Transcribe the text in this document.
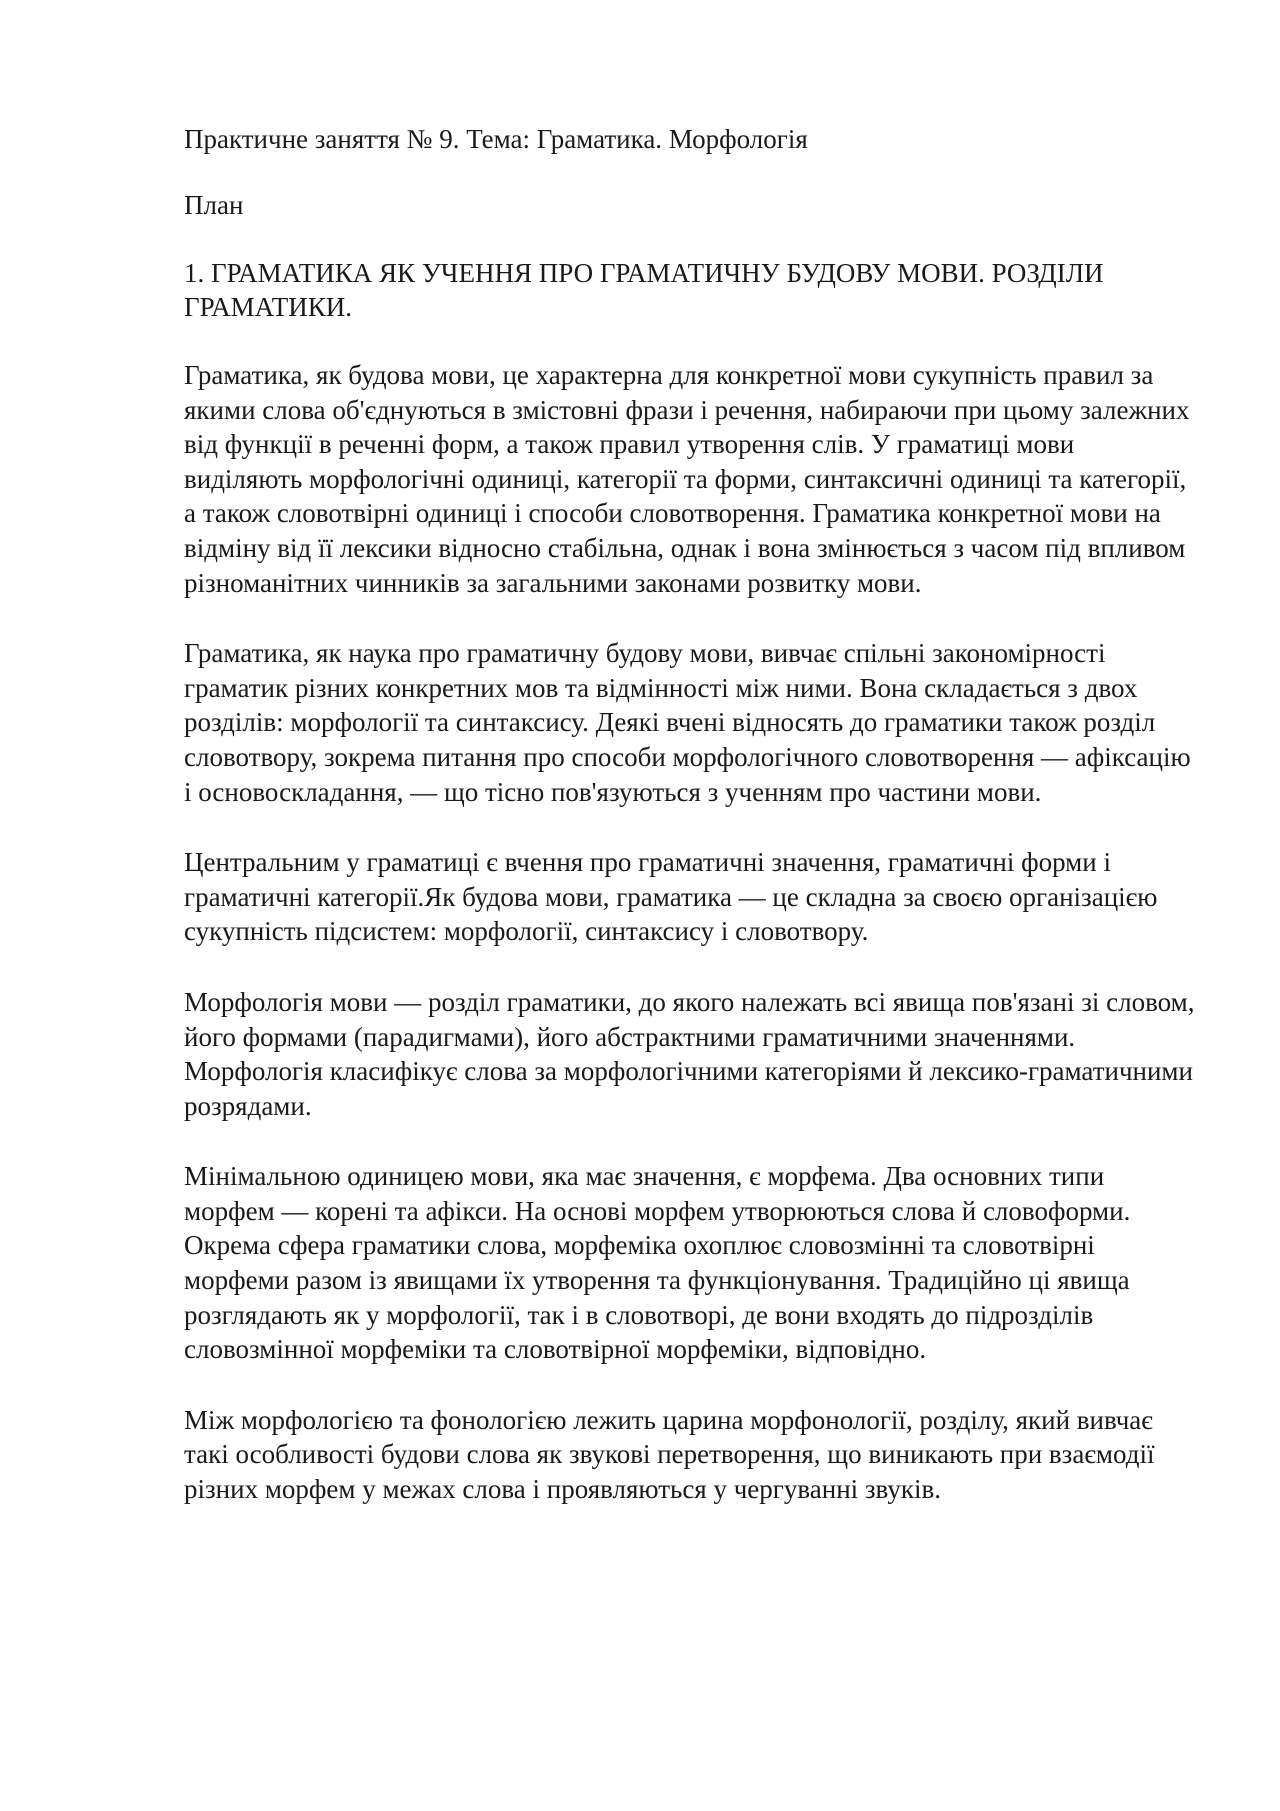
Практичне заняття № 9. Тема: Граматика. Морфологія

План

1. ГРАМАТИКА ЯК УЧЕННЯ ПРО ГРАМАТИЧНУ БУДОВУ МОВИ. РОЗДІЛИ ГРАМАТИКИ.

Граматика, як будова мови, це характерна для конкретної мови сукупність правил за якими слова об'єднуються в змістовні фрази і речення, набираючи при цьому залежних від функції в реченні форм, а також правил утворення слів. У граматиці мови виділяють морфологічні одиниці, категорії та форми, синтаксичні одиниці та категорії, а також словотвірні одиниці і способи словотворення. Граматика конкретної мови на відміну від її лексики відносно стабільна, однак і вона змінюється з часом під впливом різноманітних чинників за загальними законами розвитку мови.

Граматика, як наука про граматичну будову мови, вивчає спільні закономірності граматик різних конкретних мов та відмінності між ними. Вона складається з двох розділів: морфології та синтаксису. Деякі вчені відносять до граматики також розділ словотвору, зокрема питання про способи морфологічного словотворення — афіксацію і основоскладання, — що тісно пов'язуються з ученням про частини мови.

Центральним у граматиці є вчення про граматичні значення, граматичні форми і граматичні категорії.Як будова мови, граматика — це складна за своєю організацією сукупність підсистем: морфології, синтаксису і словотвору.

Морфологія мови — розділ граматики, до якого належать всі явища пов'язані зі словом, його формами (парадигмами), його абстрактними граматичними значеннями. Морфологія класифікує слова за морфологічними категоріями й лексико-граматичними розрядами.

Мінімальною одиницею мови, яка має значення, є морфема. Два основних типи морфем — корені та афікси. На основі морфем утворюються слова й словоформи. Окрема сфера граматики слова, морфеміка охоплює словозмінні та словотвірні морфеми разом із явищами їх утворення та функціонування. Традиційно ці явища розглядають як у морфології, так і в словотворі, де вони входять до підрозділів словозмінної морфеміки та словотвірної морфеміки, відповідно.

Між морфологією та фонологією лежить царина морфонології, розділу, який вивчає такі особливості будови слова як звукові перетворення, що виникають при взаємодії різних морфем у межах слова і проявляються у чергуванні звуків.
